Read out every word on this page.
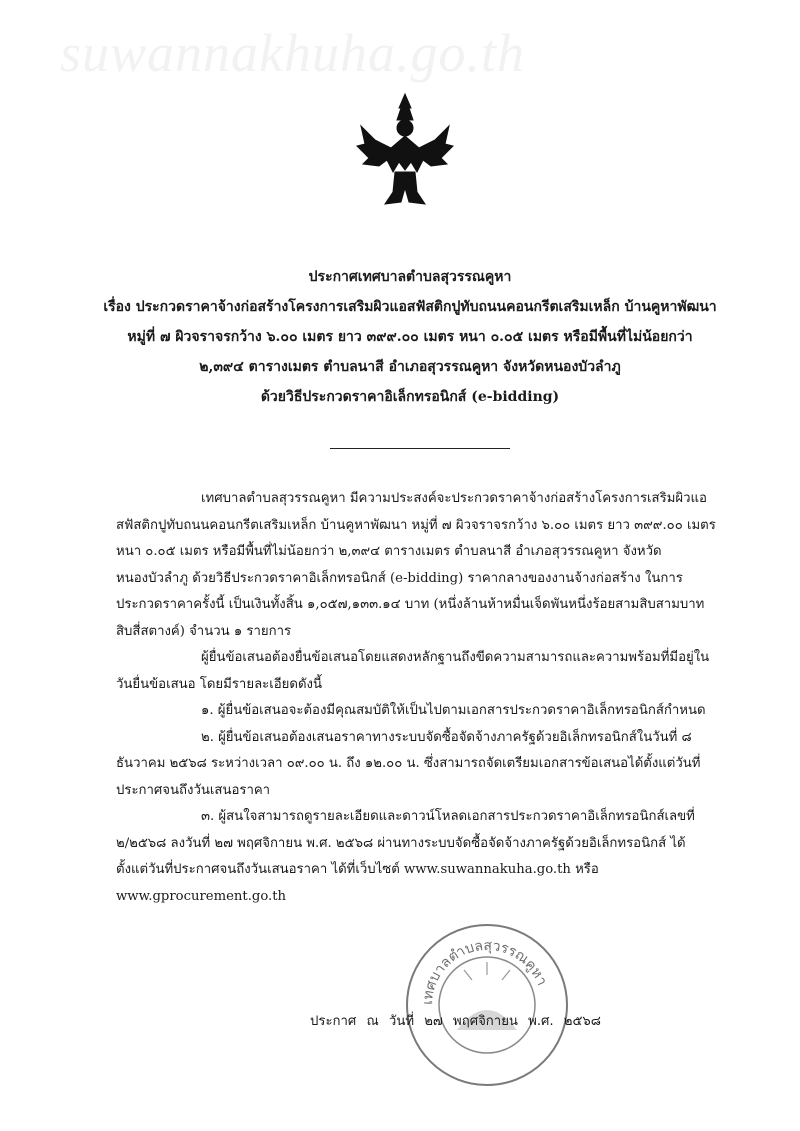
suwannakhuha.go.th
ประกาศเทศบาลตำบลสุวรรณคูหา
เรื่อง ประกวดราคาจ้างก่อสร้างโครงการเสริมผิวแอสฟัสติกปูทับถนนคอนกรีตเสริมเหล็ก บ้านคูหาพัฒนา
หมู่ที่ ๗ ผิวจราจรกว้าง ๖.๐๐ เมตร ยาว ๓๙๙.๐๐ เมตร หนา ๐.๐๕ เมตร หรือมีพื้นที่ไม่น้อยกว่า
๒,๓๙๔ ตารางเมตร ตำบลนาสี อำเภอสุวรรณคูหา จังหวัดหนองบัวลำภู
ด้วยวิธีประกวดราคาอิเล็กทรอนิกส์ (e-bidding)

เทศบาลตำบลสุวรรณคูหา มีความประสงค์จะประกวดราคาจ้างก่อสร้างโครงการเสริมผิวแอสฟัสติกปูทับถนนคอนกรีตเสริมเหล็ก บ้านคูหาพัฒนา หมู่ที่ ๗ ผิวจราจรกว้าง ๖.๐๐ เมตร ยาว ๓๙๙.๐๐ เมตร หนา ๐.๐๕ เมตร หรือมีพื้นที่ไม่น้อยกว่า ๒,๓๙๔ ตารางเมตร ตำบลนาสี อำเภอสุวรรณคูหา จังหวัดหนองบัวลำภู ด้วยวิธีประกวดราคาอิเล็กทรอนิกส์ (e-bidding) ราคากลางของงานจ้างก่อสร้าง ในการประกวดราคาครั้งนี้ เป็นเงินทั้งสิ้น ๑,๐๕๗,๑๓๓.๑๔ บาท (หนึ่งล้านห้าหมื่นเจ็ดพันหนึ่งร้อยสามสิบสามบาทสิบสี่สตางค์) จำนวน ๑ รายการ

ผู้ยื่นข้อเสนอต้องยื่นข้อเสนอโดยแสดงหลักฐานถึงขีดความสามารถและความพร้อมที่มีอยู่ในวันยื่นข้อเสนอ โดยมีรายละเอียดดังนี้

๑. ผู้ยื่นข้อเสนอจะต้องมีคุณสมบัติให้เป็นไปตามเอกสารประกวดราคาอิเล็กทรอนิกส์กำหนด

๒. ผู้ยื่นข้อเสนอต้องเสนอราคาทางระบบจัดซื้อจัดจ้างภาครัฐด้วยอิเล็กทรอนิกส์ในวันที่ ๘ ธันวาคม ๒๕๖๘ ระหว่างเวลา ๐๙.๐๐ น. ถึง ๑๒.๐๐ น. ซึ่งสามารถจัดเตรียมเอกสารข้อเสนอได้ตั้งแต่วันที่ประกาศจนถึงวันเสนอราคา

๓. ผู้สนใจสามารถดูรายละเอียดและดาวน์โหลดเอกสารประกวดราคาอิเล็กทรอนิกส์เลขที่ ๒/๒๕๖๘ ลงวันที่ ๒๗ พฤศจิกายน พ.ศ. ๒๕๖๘ ผ่านทางระบบจัดซื้อจัดจ้างภาครัฐด้วยอิเล็กทรอนิกส์ ได้ตั้งแต่วันที่ประกาศจนถึงวันเสนอราคา ได้ที่เว็บไซต์ www.suwannakuha.go.th หรือ www.gprocurement.go.th

เทศบาลตำบลสุวรรณคูหา
ประกาศ ณ วันที่ ๒๗ พฤศจิกายน พ.ศ. ๒๕๖๘
